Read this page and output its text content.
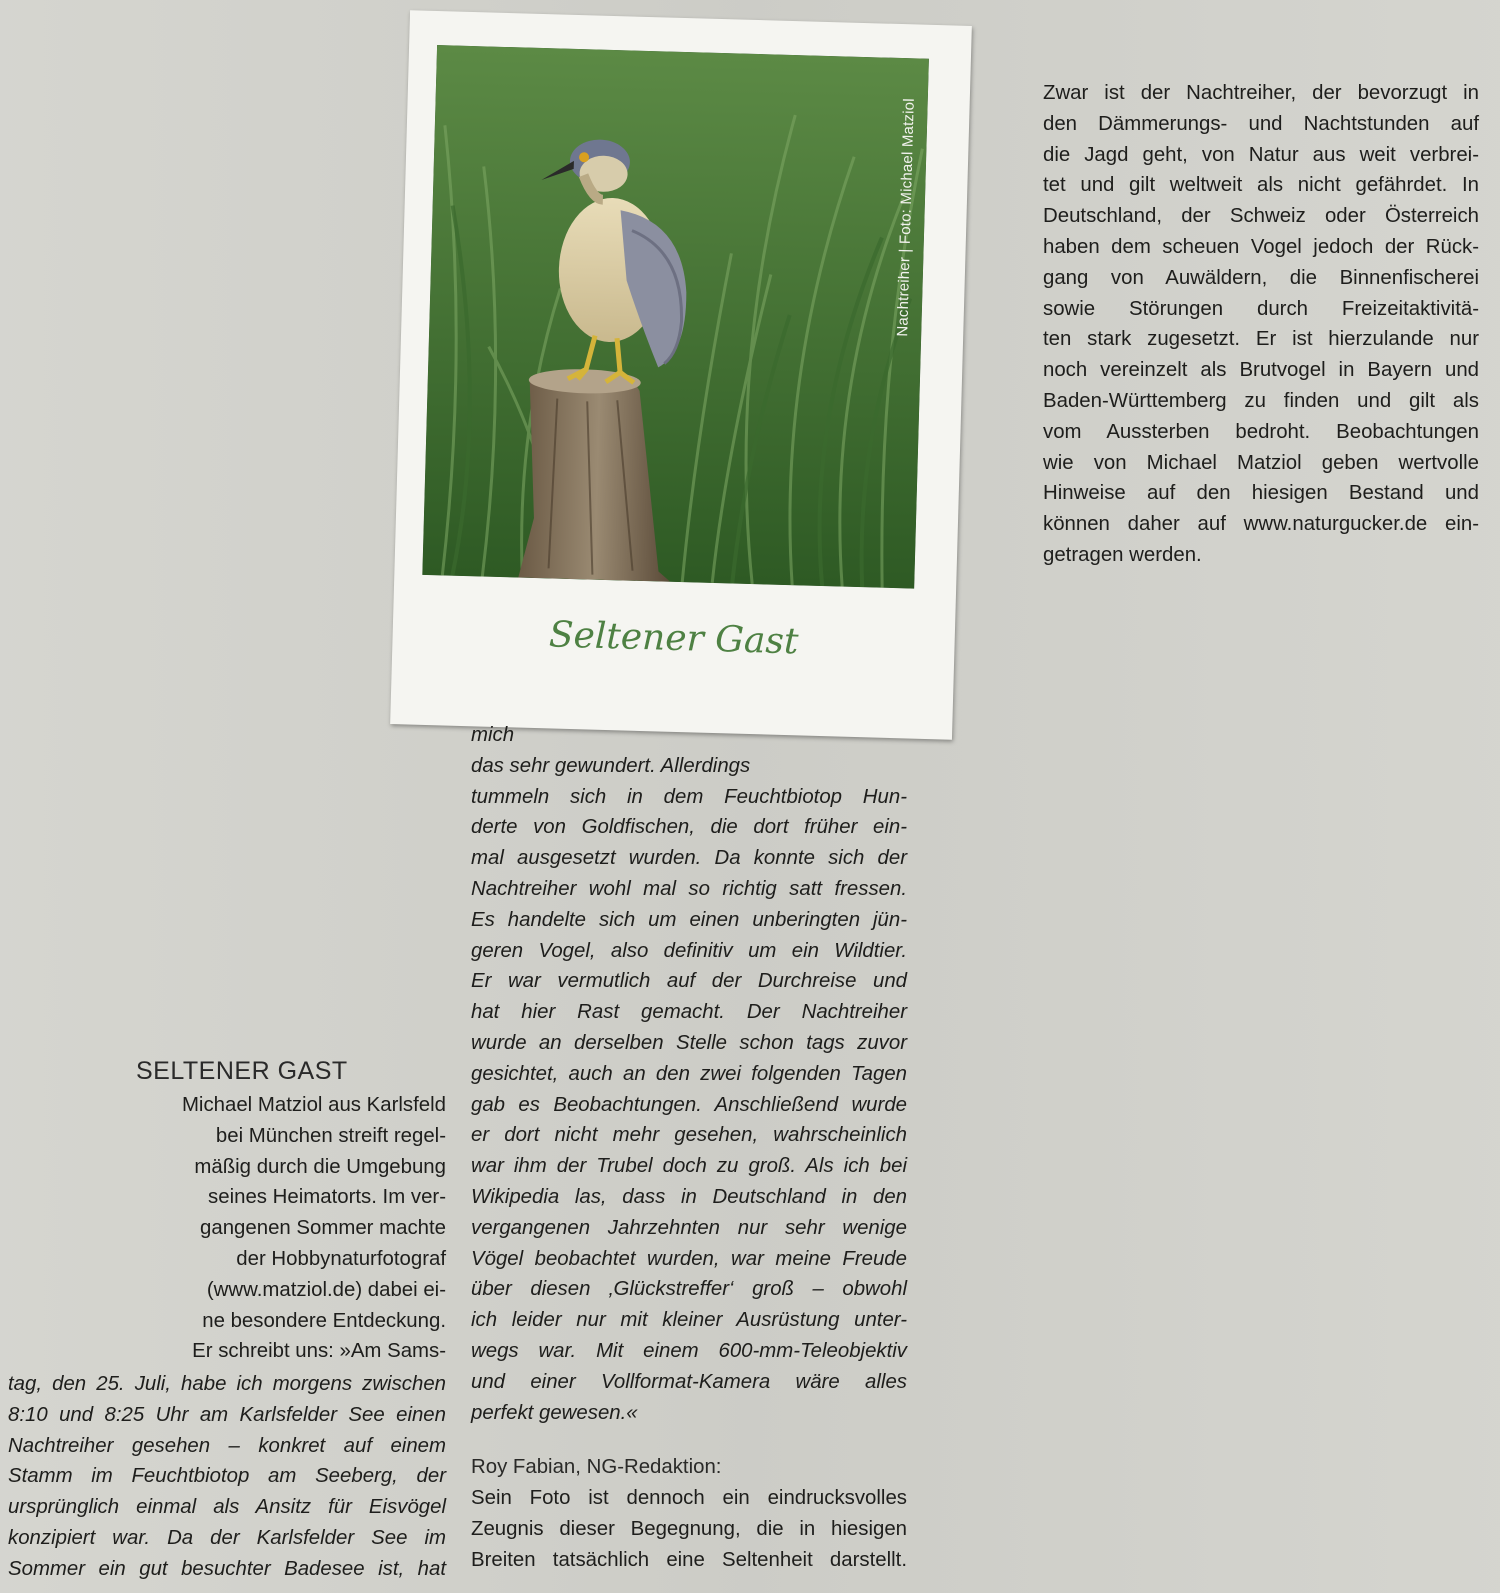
Nachtreiher | Foto: Michael Matziol
Seltener Gast
Zwar ist der Nachtreiher, der bevorzugt in
den Dämmerungs- und Nachtstunden auf
die Jagd geht, von Natur aus weit verbrei-
tet und gilt weltweit als nicht gefährdet. In
Deutschland, der Schweiz oder Österreich
haben dem scheuen Vogel jedoch der Rück-
gang von Auwäldern, die Binnenfischerei
sowie Störungen durch Freizeitaktivitä-
ten stark zugesetzt. Er ist hierzulande nur
noch vereinzelt als Brutvogel in Bayern und
Baden-Württemberg zu finden und gilt als
vom Aussterben bedroht. Beobachtungen
wie von Michael Matziol geben wertvolle
Hinweise auf den hiesigen Bestand und
können daher auf www.naturgucker.de ein-
getragen werden.
mich
das sehr gewundert. Allerdings
tummeln sich in dem Feuchtbiotop Hun-
derte von Goldfischen, die dort früher ein-
mal ausgesetzt wurden. Da konnte sich der
Nachtreiher wohl mal so richtig satt fressen.
Es handelte sich um einen unberingten jün-
geren Vogel, also definitiv um ein Wildtier.
Er war vermutlich auf der Durchreise und
hat hier Rast gemacht. Der Nachtreiher
wurde an derselben Stelle schon tags zuvor
gesichtet, auch an den zwei folgenden Tagen
gab es Beobachtungen. Anschließend wurde
er dort nicht mehr gesehen, wahrscheinlich
war ihm der Trubel doch zu groß. Als ich bei
Wikipedia las, dass in Deutschland in den
vergangenen Jahrzehnten nur sehr wenige
Vögel beobachtet wurden, war meine Freude
über diesen ‚Glückstreffer‘ groß – obwohl
ich leider nur mit kleiner Ausrüstung unter-
wegs war. Mit einem 600-mm-Teleobjektiv
und einer Vollformat-Kamera wäre alles
perfekt gewesen.«
Roy Fabian, NG-Redaktion:
Sein Foto ist dennoch ein eindrucksvolles
Zeugnis dieser Begegnung, die in hiesigen
Breiten tatsächlich eine Seltenheit darstellt.
SELTENER GAST
Michael Matziol aus Karlsfeld
bei München streift regel-
mäßig durch die Umgebung
seines Heimatorts. Im ver-
gangenen Sommer machte
der Hobbynaturfotograf
(www.matziol.de) dabei ei-
ne besondere Entdeckung.
Er schreibt uns: »Am Sams-
tag, den 25. Juli, habe ich morgens zwischen
8:10 und 8:25 Uhr am Karlsfelder See einen
Nachtreiher gesehen – konkret auf einem
Stamm im Feuchtbiotop am Seeberg, der
ursprünglich einmal als Ansitz für Eisvögel
konzipiert war. Da der Karlsfelder See im
Sommer ein gut besuchter Badesee ist, hat
